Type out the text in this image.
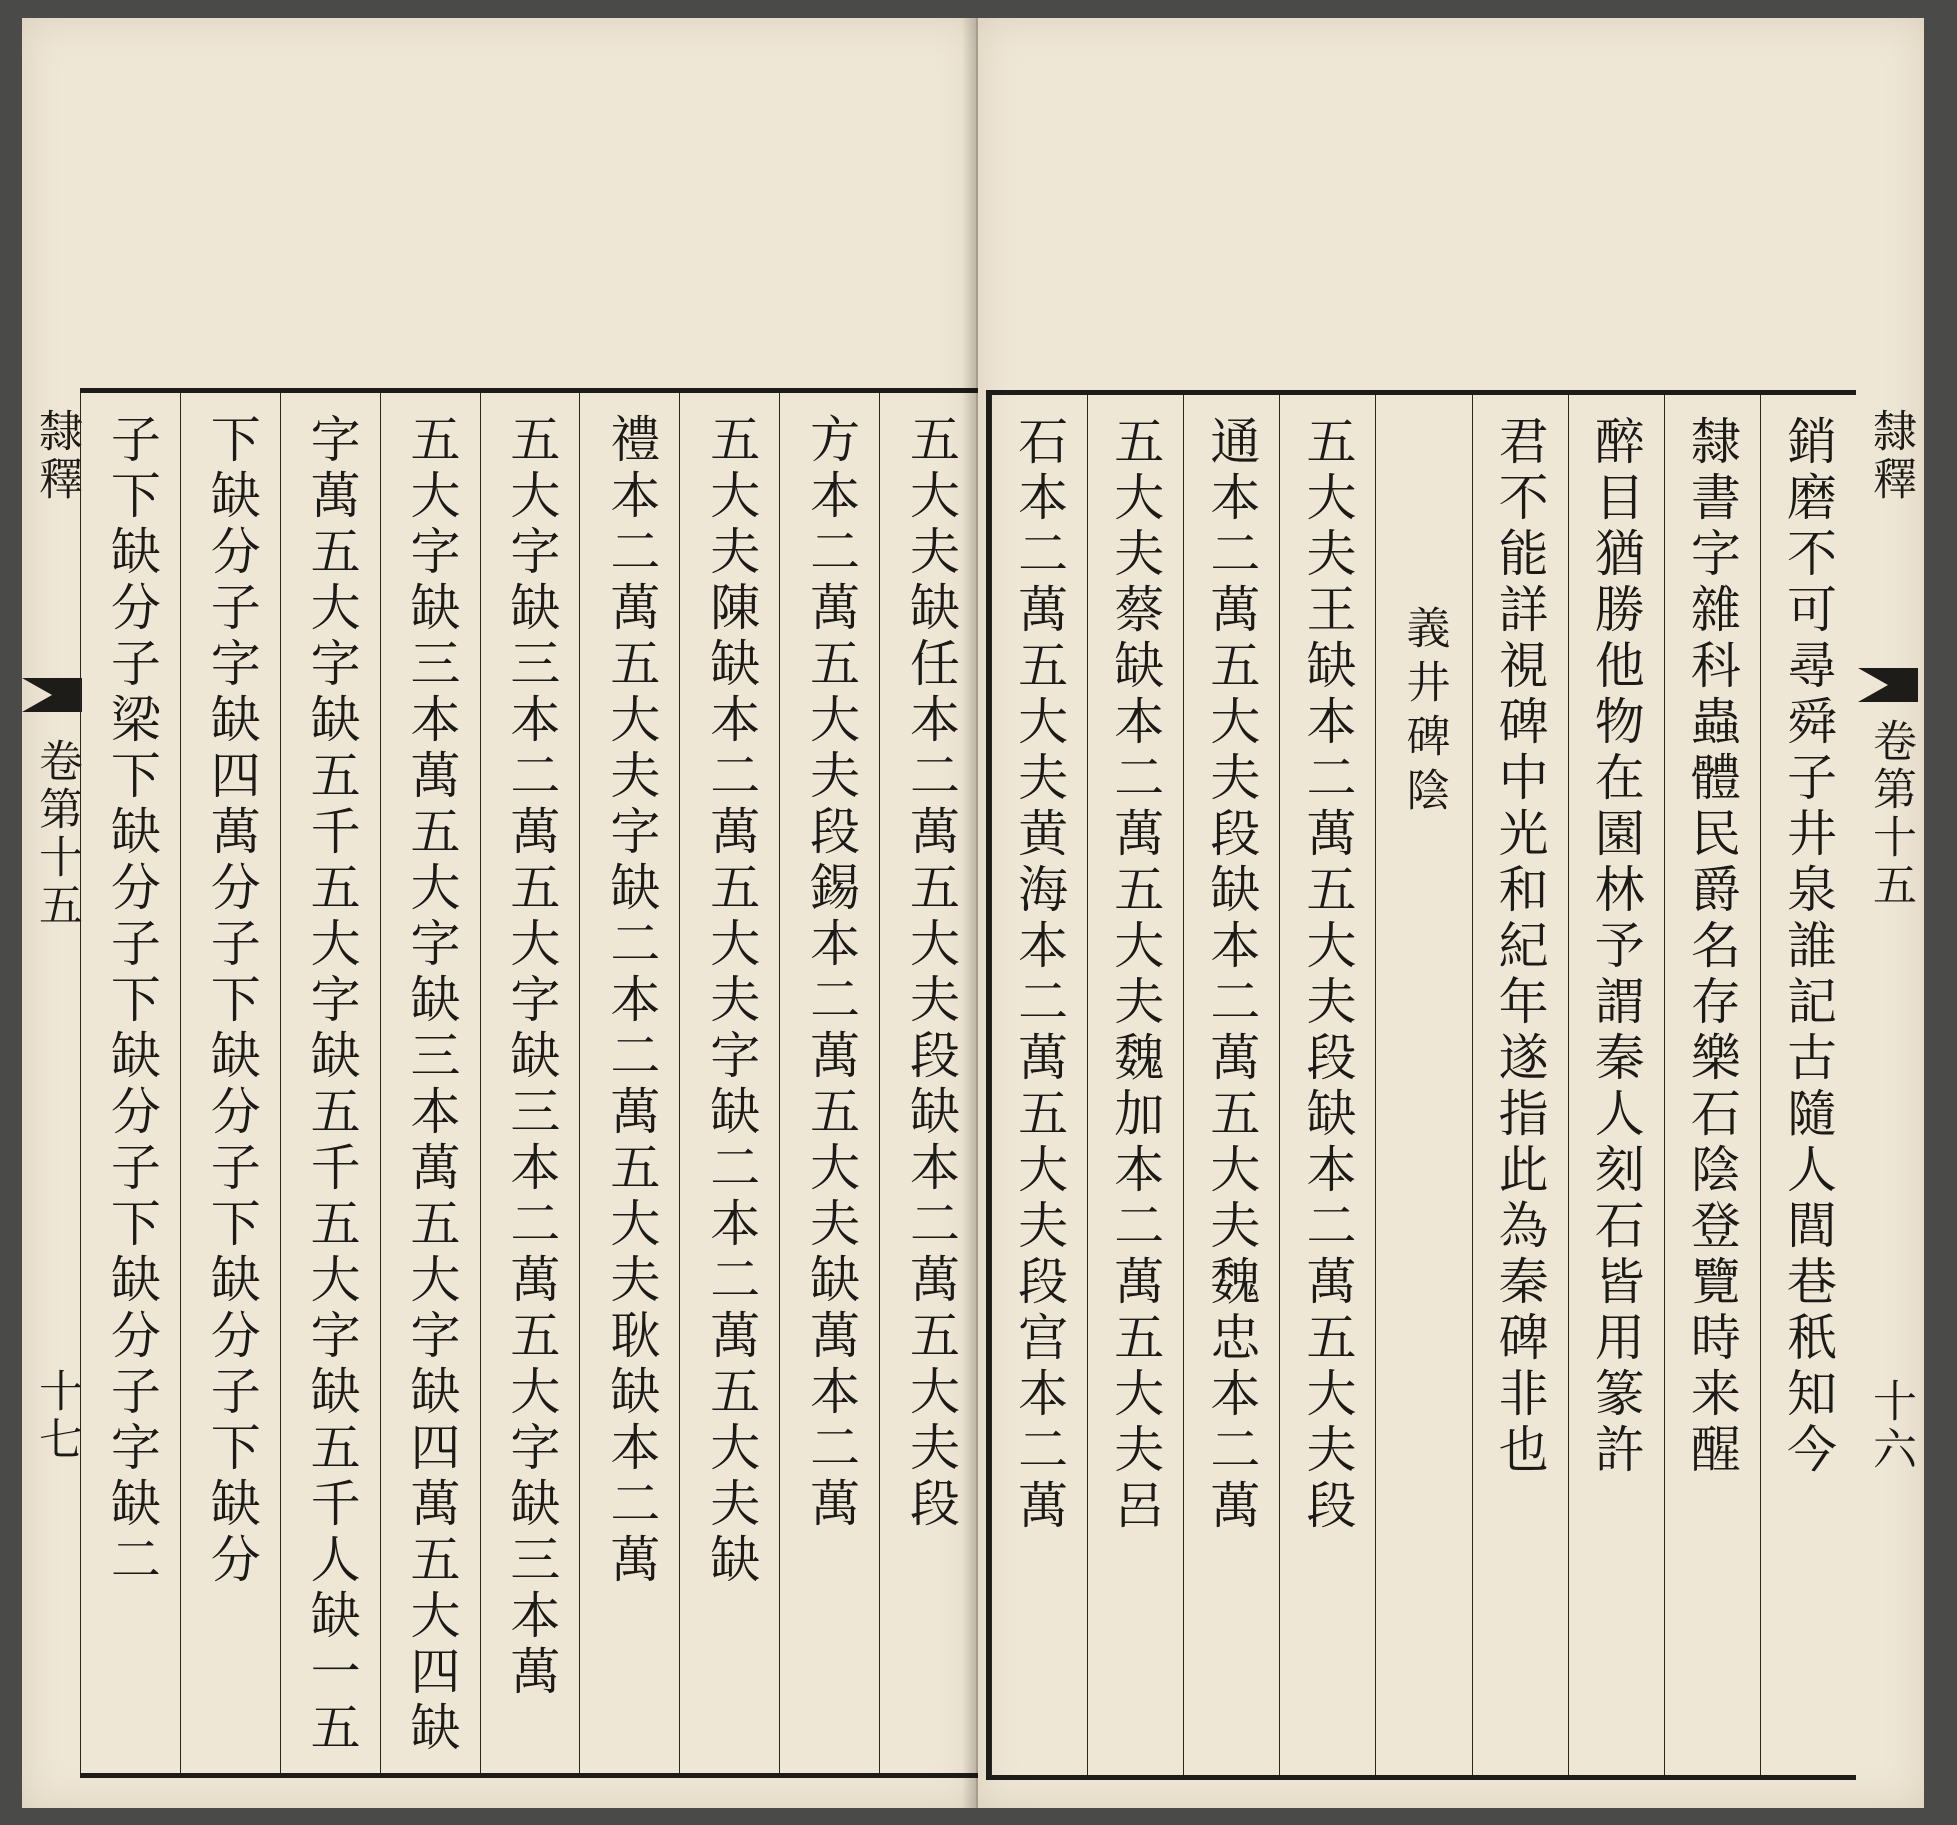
隸釋
卷第十五
十七	五大夫缺任本二萬五大夫段缺本二萬五大夫段
方本二萬五大夫段錫本二萬五大夫缺萬本二萬
五大夫陳缺本二萬五大夫字缺二本二萬五大夫缺
禮本二萬五大夫字缺二本二萬五大夫耿缺本二萬
五大字缺三本二萬五大字缺三本二萬五大字缺三本萬
五大字缺三本萬五大字缺三本萬五大字缺四萬五大四缺
字萬五大字缺五千五大字缺五千五大字缺五千人缺一五
下缺分子字缺四萬分子下缺分子下缺分子下缺分
子下缺分子梁下缺分子下缺分子下缺分子字缺二	隸釋
卷第十五
十六
銷磨不可尋舜子井泉誰記古隨人閭巷秖知今
隸書字雜科蟲體民爵名存樂石陰登覽時来醒
醉目猶勝他物在園林予謂秦人刻石皆用篆許
君不能詳視碑中光和紀年遂指此為秦碑非也
義井碑陰
五大夫王缺本二萬五大夫段缺本二萬五大夫段
通本二萬五大夫段缺本二萬五大夫魏忠本二萬
五大夫蔡缺本二萬五大夫魏加本二萬五大夫呂
石本二萬五大夫黄海本二萬五大夫段宫本二萬
